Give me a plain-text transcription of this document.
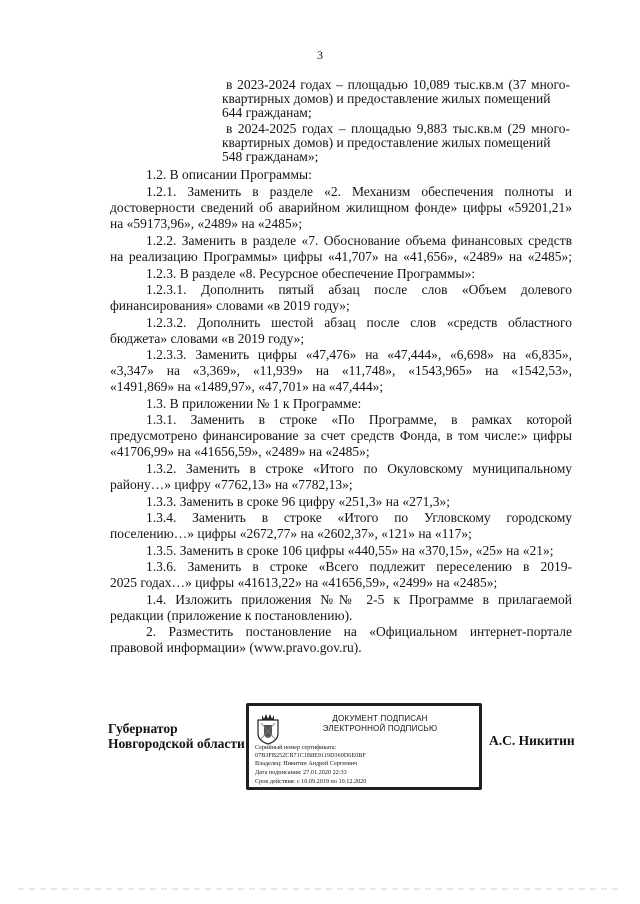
3
в 2023-2024 годах – площадью 10,089 тыс.кв.м (37 много-
квартирных домов) и предоставление жилых помещений
644 гражданам;
в 2024-2025 годах – площадью 9,883 тыс.кв.м (29 много-
квартирных домов) и предоставление жилых помещений
548 гражданам»;
1.2. В описании Программы:
1.2.1. Заменить в разделе «2. Механизм обеспечения полноты и
достоверности сведений об аварийном жилищном фонде» цифры «59201,21»
на «59173,96», «2489» на «2485»;
1.2.2. Заменить в разделе «7. Обоснование объема финансовых средств
на реализацию Программы» цифры «41,707» на «41,656», «2489» на «2485»;
1.2.3. В разделе «8. Ресурсное обеспечение Программы»:
1.2.3.1. Дополнить пятый абзац после слов «Объем долевого
финансирования» словами «в 2019 году»;
1.2.3.2. Дополнить шестой абзац после слов «средств областного
бюджета» словами «в 2019 году»;
1.2.3.3. Заменить цифры «47,476» на «47,444», «6,698» на «6,835»,
«3,347» на «3,369», «11,939» на «11,748», «1543,965» на «1542,53»,
«1491,869» на «1489,97», «47,701» на «47,444»;
1.3. В приложении № 1 к Программе:
1.3.1. Заменить в строке «По Программе, в рамках которой
предусмотрено финансирование за счет средств Фонда, в том числе:» цифры
«41706,99» на «41656,59», «2489» на «2485»;
1.3.2. Заменить в строке «Итого по Окуловскому муниципальному
району…» цифру «7762,13» на «7782,13»;
1.3.3. Заменить в сроке 96 цифру «251,3» на «271,3»;
1.3.4. Заменить в строке «Итого по Угловскому городскому
поселению…» цифры «2672,77» на «2602,37», «121» на «117»;
1.3.5. Заменить в сроке 106 цифры «440,55» на «370,15», «25» на «21»;
1.3.6. Заменить в строке «Всего подлежит переселению в 2019-
2025 годах…» цифры «41613,22» на «41656,59», «2499» на «2485»;
1.4. Изложить приложения №№ 2-5 к Программе в прилагаемой
редакции (приложение к постановлению).
2. Разместить постановление на «Официальном интернет-портале
правовой информации» (www.pravo.gov.ru).
Губернатор
Новгородской области
ДОКУМЕНТ ПОДПИСАН
ЭЛЕКТРОННОЙ ПОДПИСЬЮ
Серийный номер сертификата:
07B3FB252CB71C1B8E9119D369D6E0BF
Владелец: Никитин Андрей Сергеевич
Дата подписания: 27.01.2020 22:33
Срок действия: с 10.09.2019 по 10.12.2020
А.С. Никитин
